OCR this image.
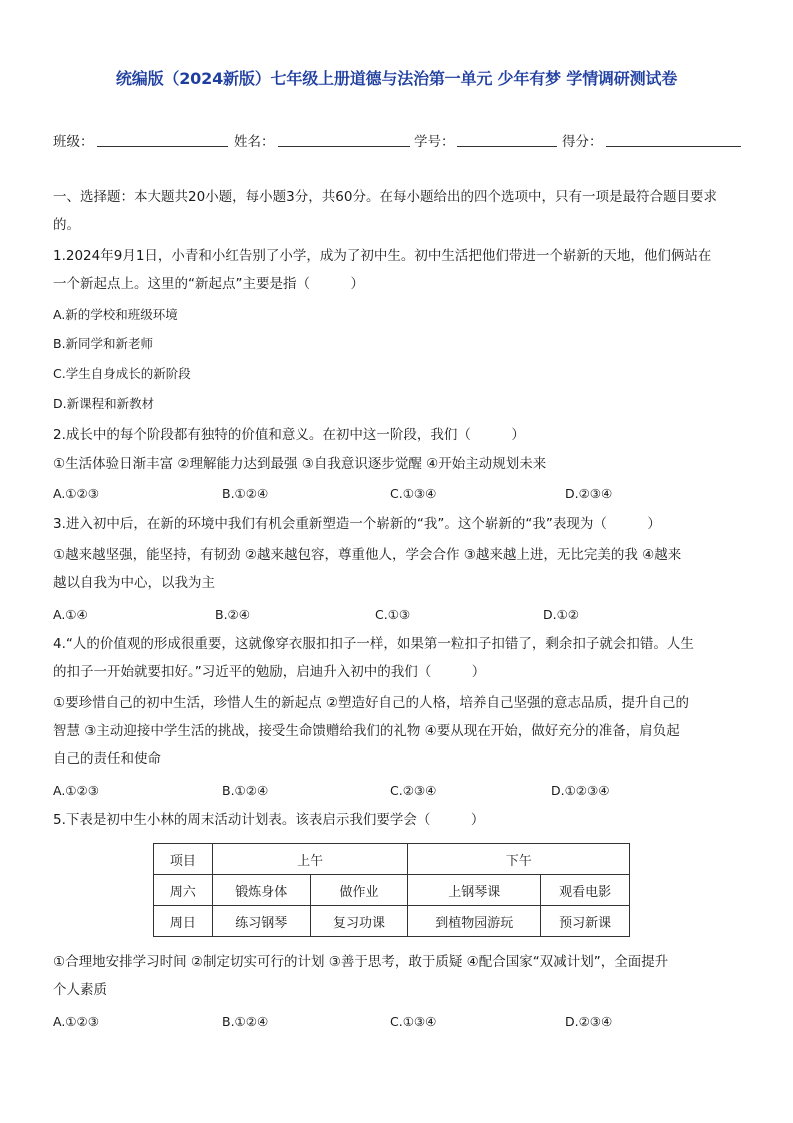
统编版（2024新版）七年级上册道德与法治第一单元 少年有梦 学情调研测试卷
班级：	姓名：	学号：	得分：
一、选择题：本大题共20小题，每小题3分，共60分。在每小题给出的四个选项中，只有一项是最符合题目要求
的。
1.2024年9月1日，小青和小红告别了小学，成为了初中生。初中生活把他们带进一个崭新的天地，他们俩站在
一个新起点上。这里的“新起点”主要是指（　　　）
A.新的学校和班级环境
B.新同学和新老师
C.学生自身成长的新阶段
D.新课程和新教材
2.成长中的每个阶段都有独特的价值和意义。在初中这一阶段，我们（　　　）
①生活体验日渐丰富 ②理解能力达到最强 ③自我意识逐步觉醒 ④开始主动规划未来
A.①②③	B.①②④	C.①③④	D.②③④
3.进入初中后，在新的环境中我们有机会重新塑造一个崭新的“我”。这个崭新的“我”表现为（　　　）
①越来越坚强，能坚持，有韧劲 ②越来越包容，尊重他人，学会合作 ③越来越上进，无比完美的我 ④越来
越以自我为中心，以我为主
A.①④	B.②④	C.①③	D.①②
4.“人的价值观的形成很重要，这就像穿衣服扣扣子一样，如果第一粒扣子扣错了，剩余扣子就会扣错。人生
的扣子一开始就要扣好。”习近平的勉励，启迪升入初中的我们（　　　）
①要珍惜自己的初中生活，珍惜人生的新起点 ②塑造好自己的人格，培养自己坚强的意志品质，提升自己的
智慧 ③主动迎接中学生活的挑战，接受生命馈赠给我们的礼物 ④要从现在开始，做好充分的准备，肩负起
自己的责任和使命
A.①②③	B.①②④	C.②③④	D.①②③④
5.下表是初中生小林的周末活动计划表。该表启示我们要学会（　　　）
项目	上午		下午	
周六	锻炼身体	做作业	上钢琴课	观看电影
周日	练习钢琴	复习功课	到植物园游玩	预习新课
①合理地安排学习时间 ②制定切实可行的计划 ③善于思考，敢于质疑 ④配合国家“双减计划”，全面提升
个人素质
A.①②③	B.①②④	C.①③④	D.②③④
